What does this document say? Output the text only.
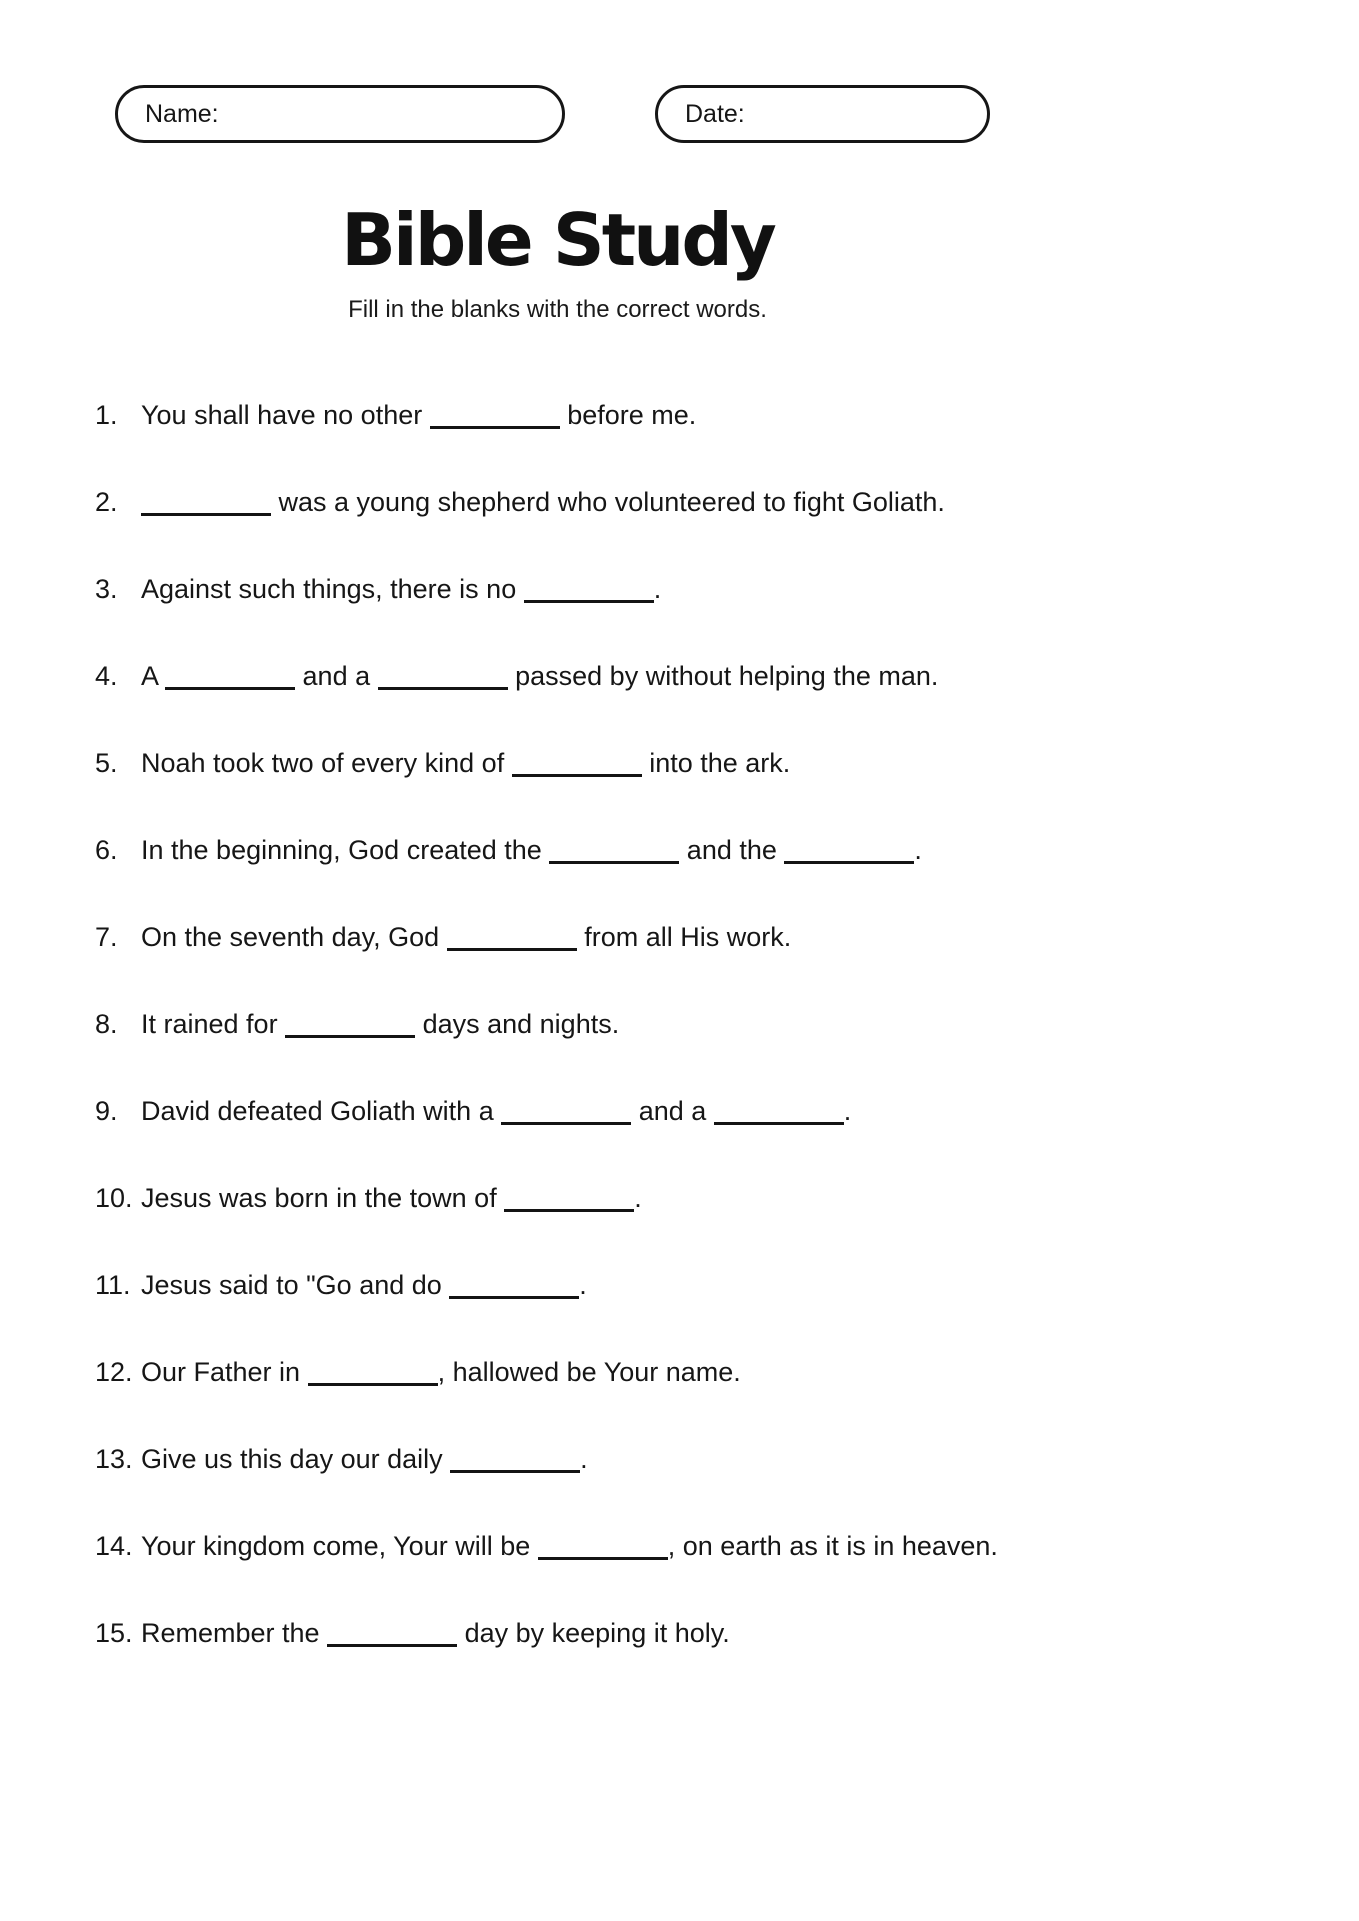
Name:	Date:
Bible Study

Fill in the blanks with the correct words.

1. You shall have no other	before me.
2.	was a young shepherd who volunteered to fight Goliath.
3. Against such things, there is no	.
4. A	and a	passed by without helping the man.
5. Noah took two of every kind of	into the ark.
6. In the beginning, God created the	and the	.
7. On the seventh day, God	from all His work.
8. It rained for	days and nights.
9. David defeated Goliath with a	and a	.
10. Jesus was born in the town of	.
11. Jesus said to "Go and do	.
12. Our Father in	, hallowed be Your name.
13. Give us this day our daily	.
14. Your kingdom come, Your will be	, on earth as it is in heaven.
15. Remember the	day by keeping it holy.
